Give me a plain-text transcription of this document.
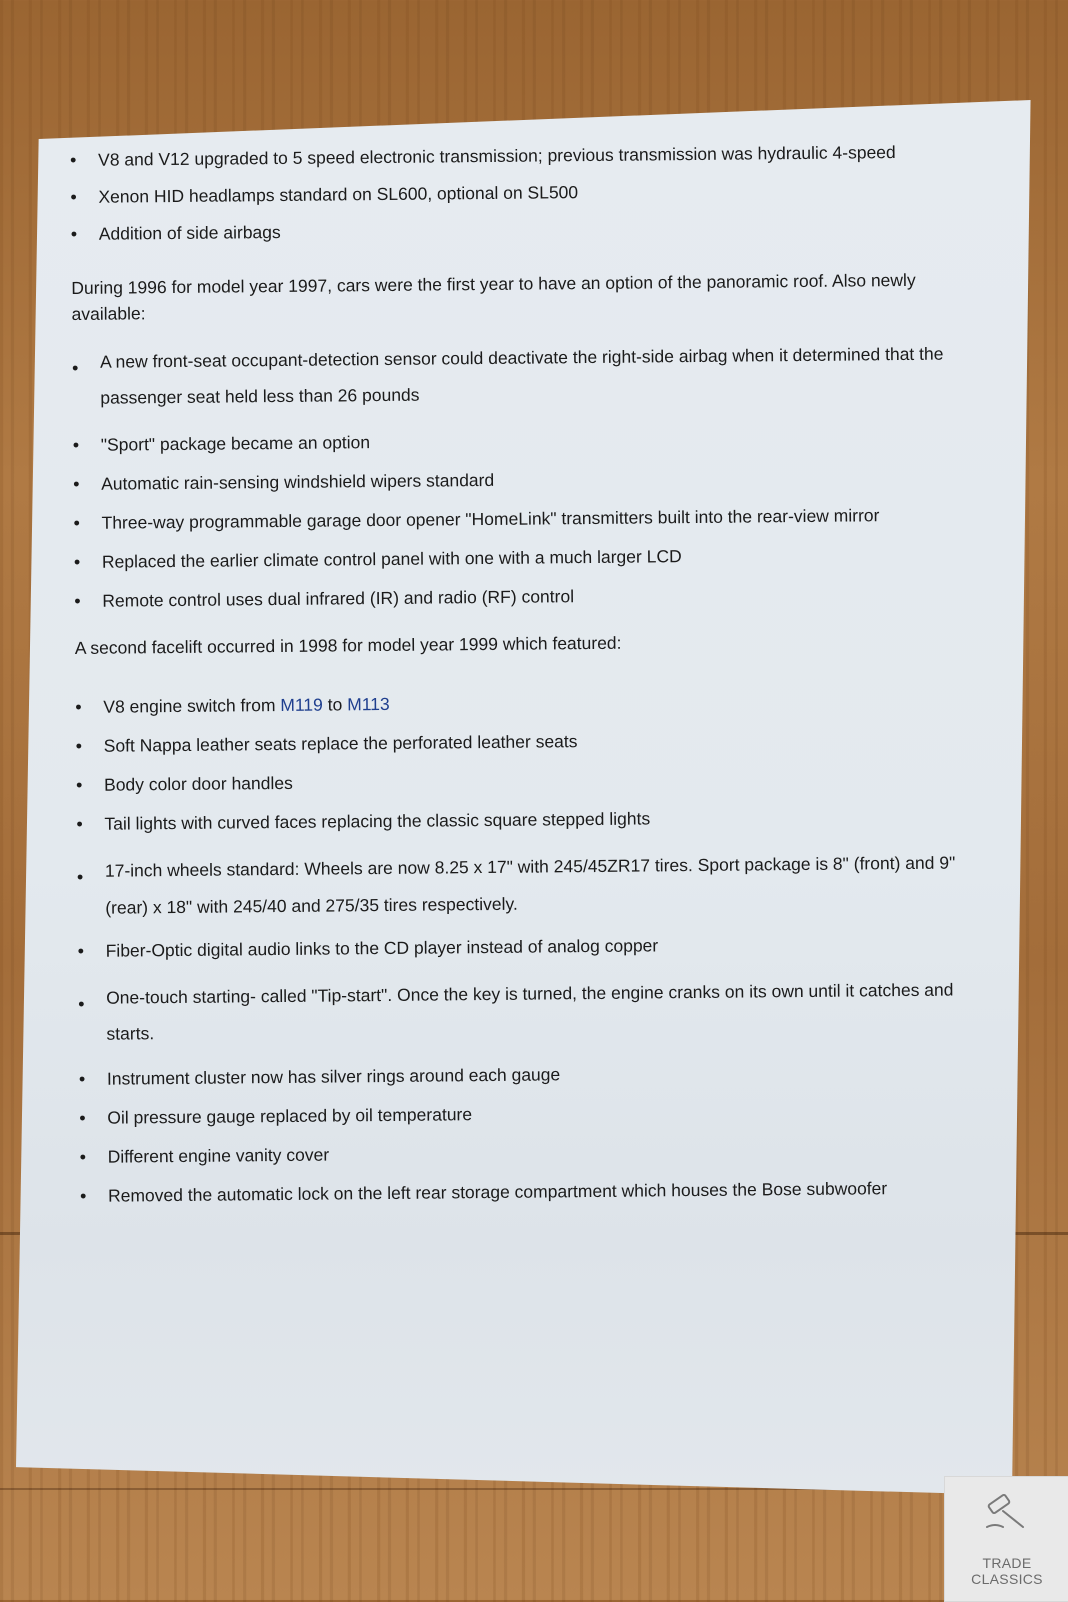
• V8 and V12 upgraded to 5 speed electronic transmission; previous transmission was hydraulic 4-speed
• Xenon HID headlamps standard on SL600, optional on SL500
• Addition of side airbags

During 1996 for model year 1997, cars were the first year to have an option of the panoramic roof. Also newly available:

• A new front-seat occupant-detection sensor could deactivate the right-side airbag when it determined that the passenger seat held less than 26 pounds
• "Sport" package became an option
• Automatic rain-sensing windshield wipers standard
• Three-way programmable garage door opener "HomeLink" transmitters built into the rear-view mirror
• Replaced the earlier climate control panel with one with a much larger LCD
• Remote control uses dual infrared (IR) and radio (RF) control

A second facelift occurred in 1998 for model year 1999 which featured:

• V8 engine switch from M119 to M113
• Soft Nappa leather seats replace the perforated leather seats
• Body color door handles
• Tail lights with curved faces replacing the classic square stepped lights
• 17-inch wheels standard: Wheels are now 8.25 x 17" with 245/45ZR17 tires. Sport package is 8" (front) and 9" (rear) x 18" with 245/40 and 275/35 tires respectively.
• Fiber-Optic digital audio links to the CD player instead of analog copper
• One-touch starting- called "Tip-start". Once the key is turned, the engine cranks on its own until it catches and starts.
• Instrument cluster now has silver rings around each gauge
• Oil pressure gauge replaced by oil temperature
• Different engine vanity cover
• Removed the automatic lock on the left rear storage compartment which houses the Bose subwoofer
TRADE CLASSICS
